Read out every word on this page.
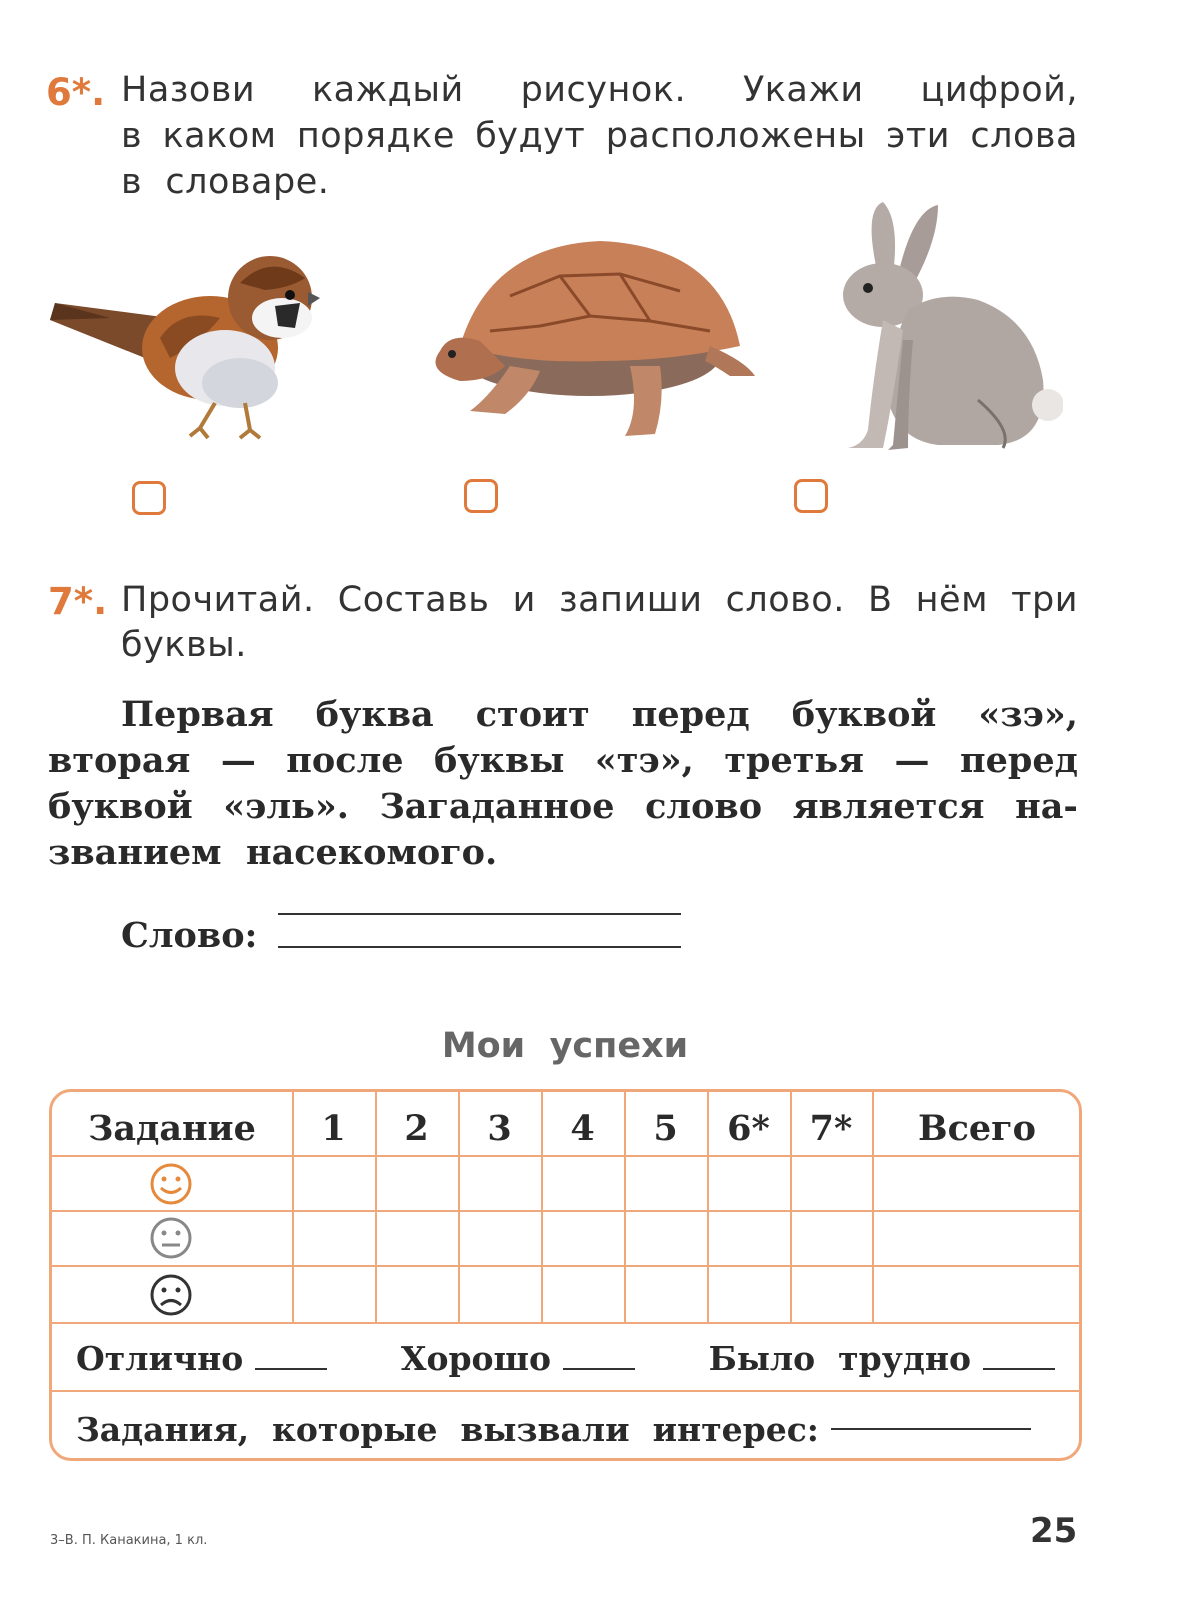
6*. Назови каждый рисунок. Укажи цифрой,
в каком порядке будут расположены эти слова
в  словаре.
7*. Прочитай. Составь и запиши слово. В нём три
буквы.
Первая буква стоит перед буквой «зэ»,
вторая — после буквы «тэ», третья — перед
буквой «эль». Загаданное слово является на-
званием  насекомого.
Слово:
Мои  успехи
Задание	1	2	3	4	5	6*	7*	Всего
Отлично	Хорошо	Было  трудно
Задания,  которые  вызвали  интерес:
3–В. П. Канакина, 1 кл.	25
